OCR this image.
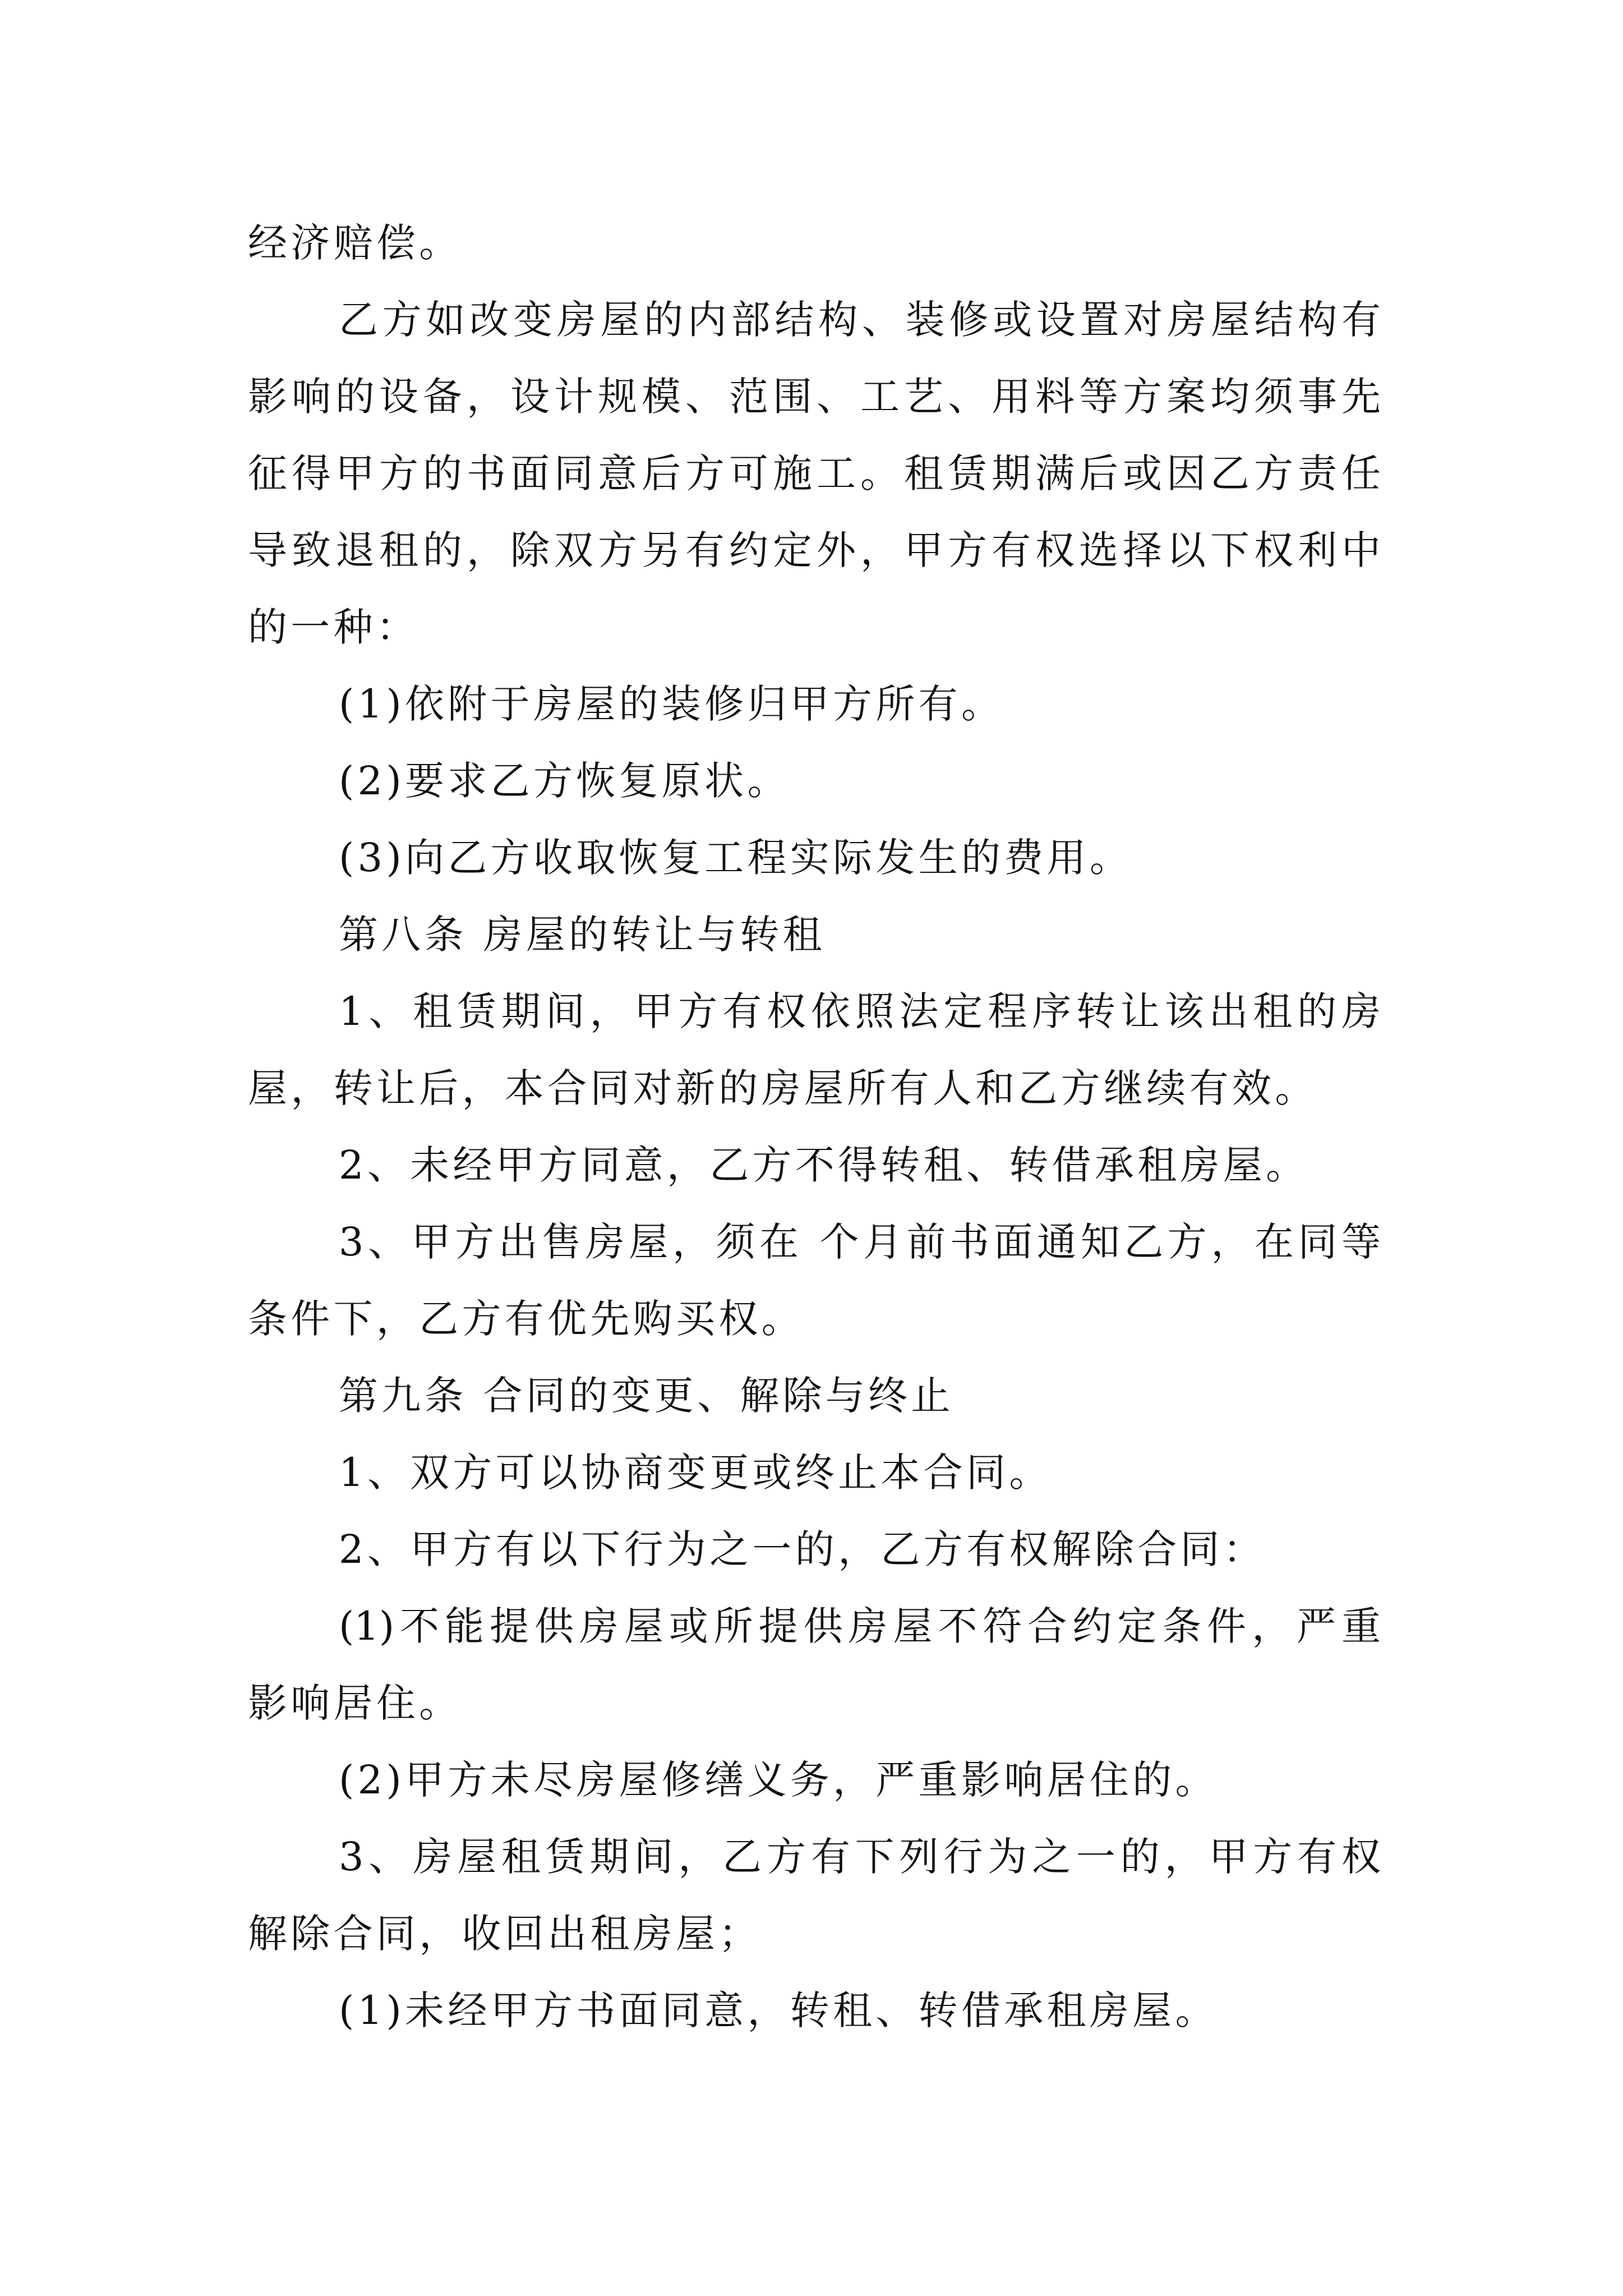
经济赔偿。
乙方如改变房屋的内部结构、装修或设置对房屋结构有
影响的设备，设计规模、范围、工艺、用料等方案均须事先
征得甲方的书面同意后方可施工。租赁期满后或因乙方责任
导致退租的，除双方另有约定外，甲方有权选择以下权利中
的一种：
(1)依附于房屋的装修归甲方所有。
(2)要求乙方恢复原状。
(3)向乙方收取恢复工程实际发生的费用。
第八条 房屋的转让与转租
1、租赁期间，甲方有权依照法定程序转让该出租的房
屋，转让后，本合同对新的房屋所有人和乙方继续有效。
2、未经甲方同意，乙方不得转租、转借承租房屋。
3、甲方出售房屋，须在 个月前书面通知乙方，在同等
条件下，乙方有优先购买权。
第九条 合同的变更、解除与终止
1、双方可以协商变更或终止本合同。
2、甲方有以下行为之一的，乙方有权解除合同：
(1)不能提供房屋或所提供房屋不符合约定条件，严重
影响居住。
(2)甲方未尽房屋修缮义务，严重影响居住的。
3、房屋租赁期间，乙方有下列行为之一的，甲方有权
解除合同，收回出租房屋；
(1)未经甲方书面同意，转租、转借承租房屋。
